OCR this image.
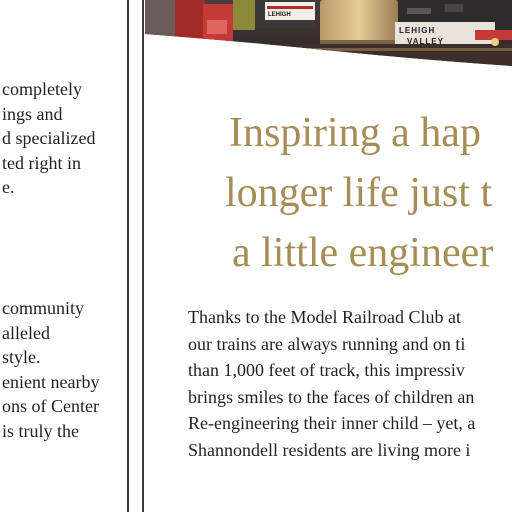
completely
ings and
d specialized
ted right in
e.
community
alleled
style.
enient nearby
ons of Center
is truly the
LEHIGH
LEHIGH
VALLEY
Inspiring a hap
longer life just t
a little engineer
Thanks to the Model Railroad Club at
our trains are always running and on ti
than 1,000 feet of track, this impressiv
brings smiles to the faces of children an
Re-engineering their inner child – yet, a
Shannondell residents are living more i
